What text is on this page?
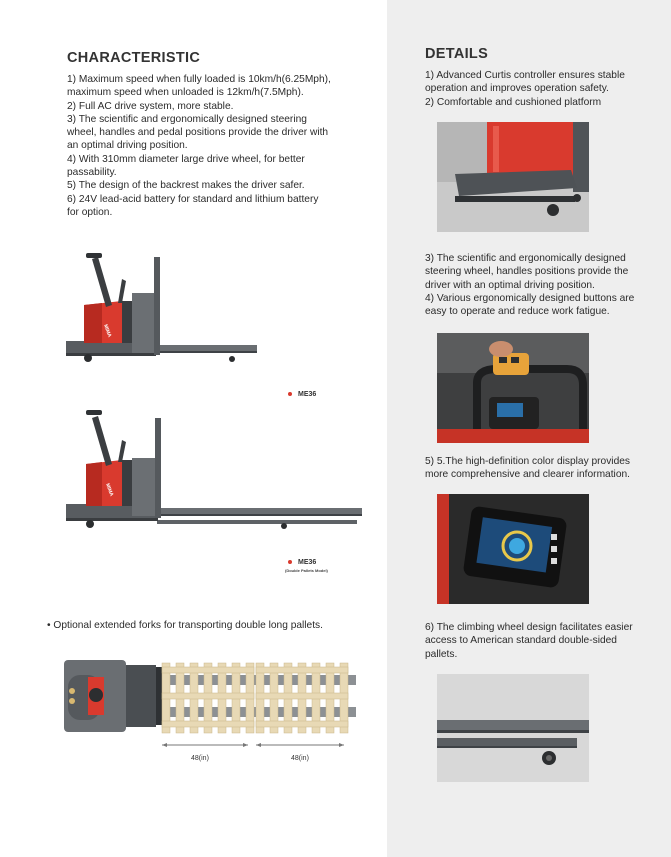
CHARACTERISTIC
1) Maximum speed when fully loaded is 10km/h(6.25Mph),
maximum speed when unloaded is 12km/h(7.5Mph).
2) Full AC drive system, more stable.
3) The scientific and ergonomically designed steering
wheel, handles and pedal positions provide the driver with
an optimal driving position.
4) With 310mm diameter large drive wheel, for better
passability.
5) The design of the backrest makes the driver safer.
6) 24V lead-acid battery for standard and lithium battery
for option.
MIMA
ME36
MIMA
ME36
(Double Pallets Model)
• Optional extended forks for transporting double long pallets.
48(in)	48(in)
DETAILS
1) Advanced Curtis controller ensures stable
operation and improves operation safety.
2) Comfortable and cushioned platform
3) The scientific and ergonomically designed
steering wheel, handles positions provide the
driver with an optimal driving position.
4) Various ergonomically designed buttons are
easy to operate and reduce work fatigue.
5) 5.The high-definition color display provides
more comprehensive and clearer information.
6) The climbing wheel design facilitates easier
access to American standard double-sided
pallets.
